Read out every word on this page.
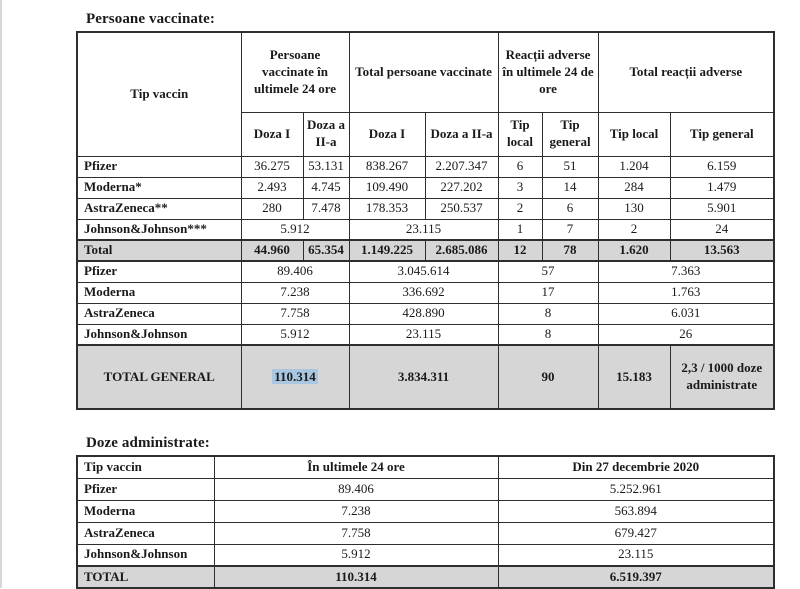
Persoane vaccinate:

Tip vaccin	Persoane vaccinate în ultimele 24 ore		Total persoane vaccinate		Reacții adverse în ultimele 24 de ore		Total reacții adverse	
	Doza I	Doza a II-a	Doza I	Doza a II-a	Tip local	Tip general	Tip local	Tip general
Pfizer	36.275	53.131	838.267	2.207.347	6	51	1.204	6.159
Moderna*	2.493	4.745	109.490	227.202	3	14	284	1.479
AstraZeneca**	280	7.478	178.353	250.537	2	6	130	5.901
Johnson&Johnson***	5.912		23.115		1	7	2	24
Total	44.960	65.354	1.149.225	2.685.086	12	78	1.620	13.563
Pfizer	89.406		3.045.614		57		7.363	
Moderna	7.238		336.692		17		1.763	
AstraZeneca	7.758		428.890		8		6.031	
Johnson&Johnson	5.912		23.115		8		26	
TOTAL GENERAL	110.314		3.834.311		90		15.183	2,3 / 1000 doze administrate

Doze administrate:

Tip vaccin	În ultimele 24 ore	Din 27 decembrie 2020
Pfizer	89.406	5.252.961
Moderna	7.238	563.894
AstraZeneca	7.758	679.427
Johnson&Johnson	5.912	23.115
TOTAL	110.314	6.519.397
